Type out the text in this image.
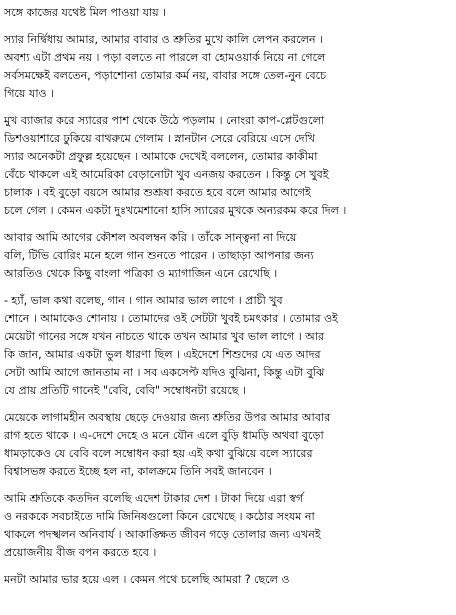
সঙ্গে কাজের যথেষ্ট মিল পাওয়া যায় ।
স্যার নির্দ্বিধায় আমার, আমার বাবার ও শ্রুতির মুখে কালি লেপন করলেন ।
অবশ্য এটা প্রথম নয় । পড়া বলতে না পারলে বা হোমওয়ার্ক নিয়ে না গেলে
সর্বসমক্ষেই বলতেন, পড়াশোনা তোমার কর্ম নয়, বাবার সঙ্গে তেল-নুন বেচে
গিয়ে যাও ।
মুখ ব্যাজার করে স্যারের পাশ থেকে উঠে পড়লাম । নোংরা কাপ-প্লেটগুলো
ডিশওয়াশারে ঢুকিয়ে বাথরুমে গেলাম । স্নানটান সেরে বেরিয়ে এসে দেখি
স্যার অনেকটা প্রফুল্ল হয়েছেন । আমাকে দেখেই বললেন, তোমার কাকীমা
বেঁচে থাকলে এই আমেরিকা বেড়ানোটা খুব এনজয় করতেন । কিন্তু সে খুবই
চালাক । বই বুড়ো বয়সে আমার শুশ্রূষা করতে হবে বলে আমার আগেই
চলে গেল । কেমন একটা দুঃখমেশানো হাসি স্যারের মুখকে অন্যরকম করে দিল ।
আবার আমি আগের কৌশল অবলম্বন করি । তাঁকে সান্ত্বনা না দিয়ে
বলি, টিভি বোরিং মনে হলে গান শুনতে পারেন । তাছাড়া আপনার জন্য
আরতিও থেকে কিছু বাংলা পত্রিকা ও ম্যাগাজিন এনে রেখেছি ।
- হ্যাঁ, ভাল কথা বলেছ, গান । গান আমার ভাল লাগে । প্রাচী খুব
শোনে । আমাকেও শোনায় । তোমাদের ওই সেটটা খুবই চমৎকার । তোমার ওই
মেয়েটা গানের সঙ্গে যখন নাচতে থাকে তখন আমার খুব ভাল লাগে । আর
কি জান, আমার একটা ভুল ধারণা ছিল । এইদেশে শিশুদের যে এত আদর
সেটা আমি আগে জানতাম না । সব একসেপ্ট যদিও বুঝিনা, কিন্তু এটা বুঝি
যে প্রায় প্রতিটি গানেই "বেবি, বেবি" সম্বোধনটা রয়েছে ।
মেয়েকে লাগামহীন অবস্থায় ছেড়ে দেওয়ার জন্য শ্রুতির উপর আমার আবার
রাগ হতে থাকে । এ-দেশে দেহে ও মনে যৌন এলে বুড়ি ধামড়ি অথবা বুড়ো
ধামড়াকেও যে বেবি বলে সম্বোধন করা হয় এই কথা বুঝিয়ে বলে স্যারের
বিশ্বাসভঙ্গ করতে ইচ্ছে হল না, কালক্রমে তিনি সবই জানবেন ।
আমি শ্রুতিকে কতদিন বলেছি এদেশ টাকার দেশ । টাকা দিয়ে এরা স্বর্গ
ও নরককে সবচাইতে দামি জিনিষগুলো কিনে রেখেছে । কঠোর সংযম না
থাকলে পদস্খলন অনিবার্য । আকাঙ্ক্ষিত জীবন গড়ে তোলার জন্য এখনই
প্রয়োজনীয় বীজ বপন করতে হবে ।
মনটা আমার ভার হয়ে এল । কেমন পথে চলেছি আমরা ? ছেলে ও
